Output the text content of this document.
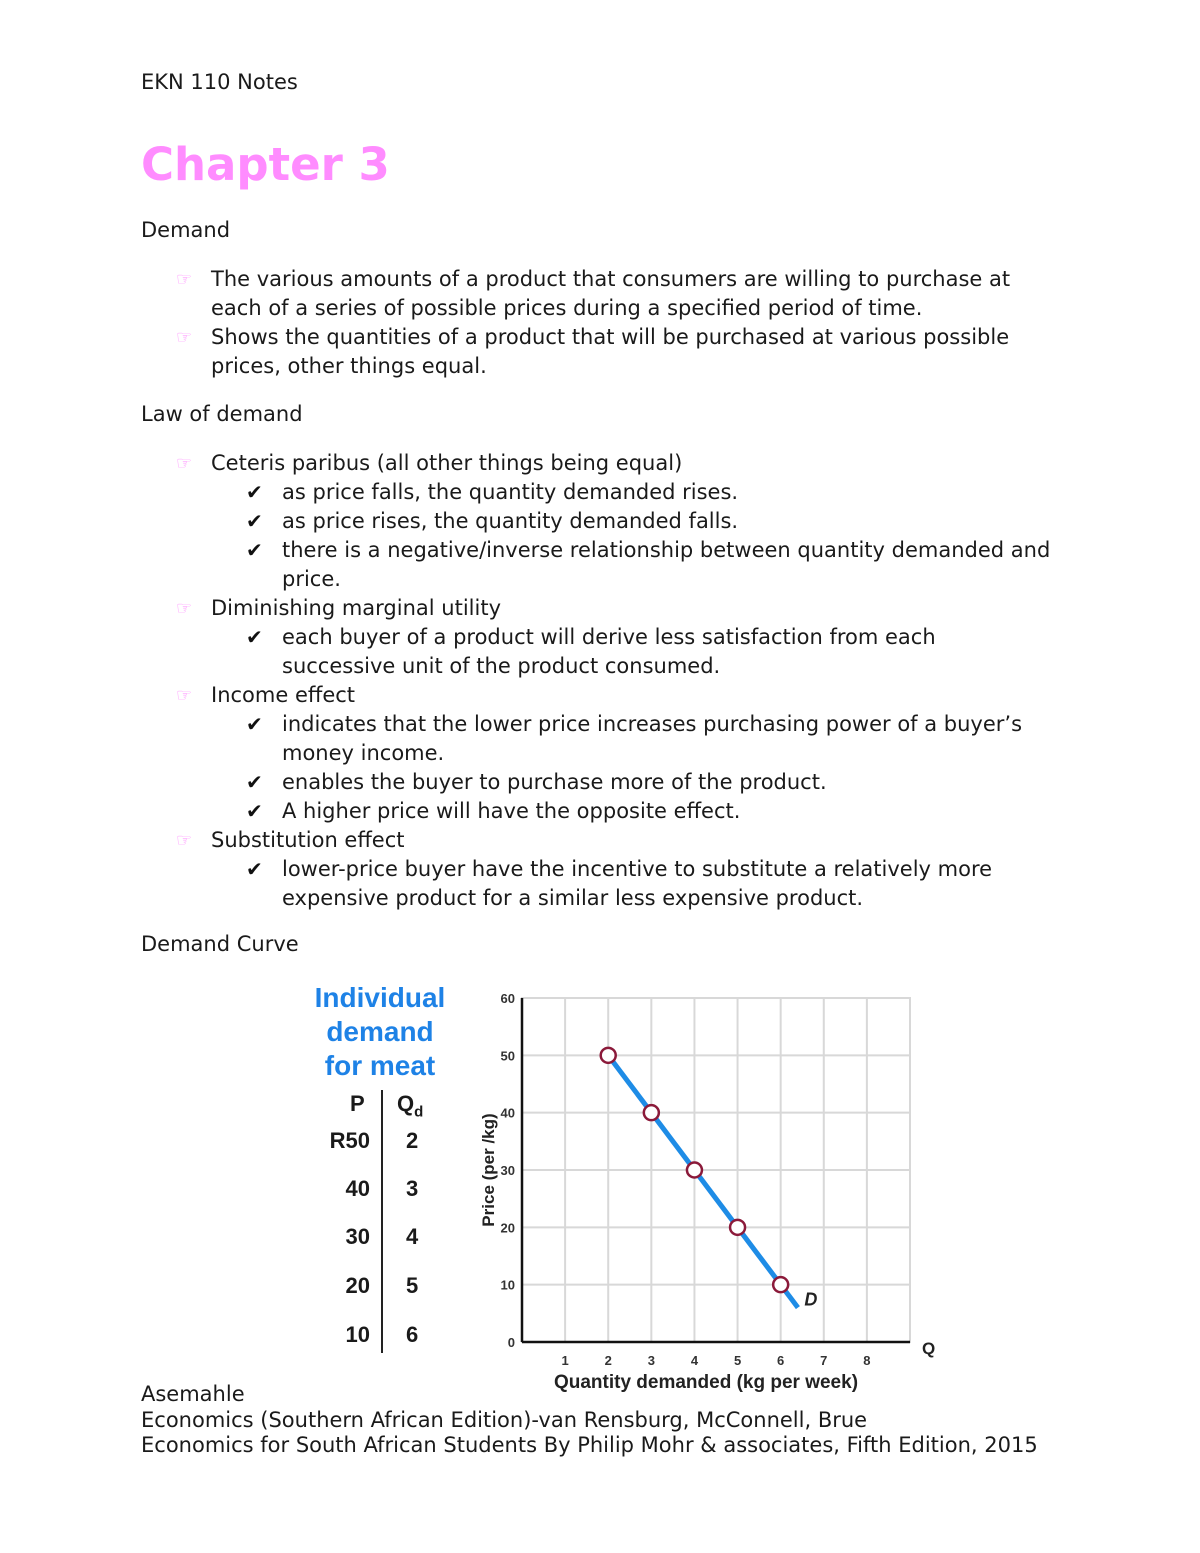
EKN 110 Notes
Chapter 3
Demand
☞ The various amounts of a product that consumers are willing to purchase at each of a series of possible prices during a specified period of time.
☞ Shows the quantities of a product that will be purchased at various possible prices, other things equal.
Law of demand
☞ Ceteris paribus (all other things being equal)
✔ as price falls, the quantity demanded rises.
✔ as price rises, the quantity demanded falls.
✔ there is a negative/inverse relationship between quantity demanded and price.
☞ Diminishing marginal utility
✔ each buyer of a product will derive less satisfaction from each successive unit of the product consumed.
☞ Income effect
✔ indicates that the lower price increases purchasing power of a buyer’s money income.
✔ enables the buyer to purchase more of the product.
✔ A higher price will have the opposite effect.
☞ Substitution effect
✔ lower-price buyer have the incentive to substitute a relatively more expensive product for a similar less expensive product.
Demand Curve
Individual
demand
for meat
P $Q_d$
R50 2
40 3
30 4
20 5
10 6	0
10
20
30
40
50
60
1	2	3	4	5	6	7	8
Q
Quantity demanded (kg per week)
Price (per /kg)
D
Asemahle
Economics (Southern African Edition)-van Rensburg, McConnell, Brue
Economics for South African Students By Philip Mohr & associates, Fifth Edition, 2015
